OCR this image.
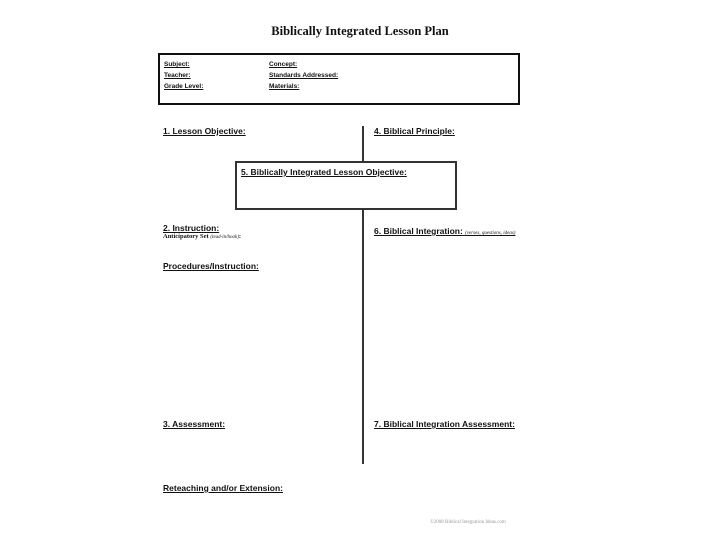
Biblically Integrated Lesson Plan
Subject:
Teacher:
Grade Level:
Concept:
Standards Addressed:
Materials:
1. Lesson Objective:	4. Biblical Principle:
5. Biblically Integrated Lesson Objective:
2. Instruction:
Anticipatory Set (lead-in/hook):
6. Biblical Integration: (verses, questions, ideas)
Procedures/Instruction:
3. Assessment:	7. Biblical Integration Assessment:
Reteaching and/or Extension:
©2008 Biblical Integration Ideas.com
